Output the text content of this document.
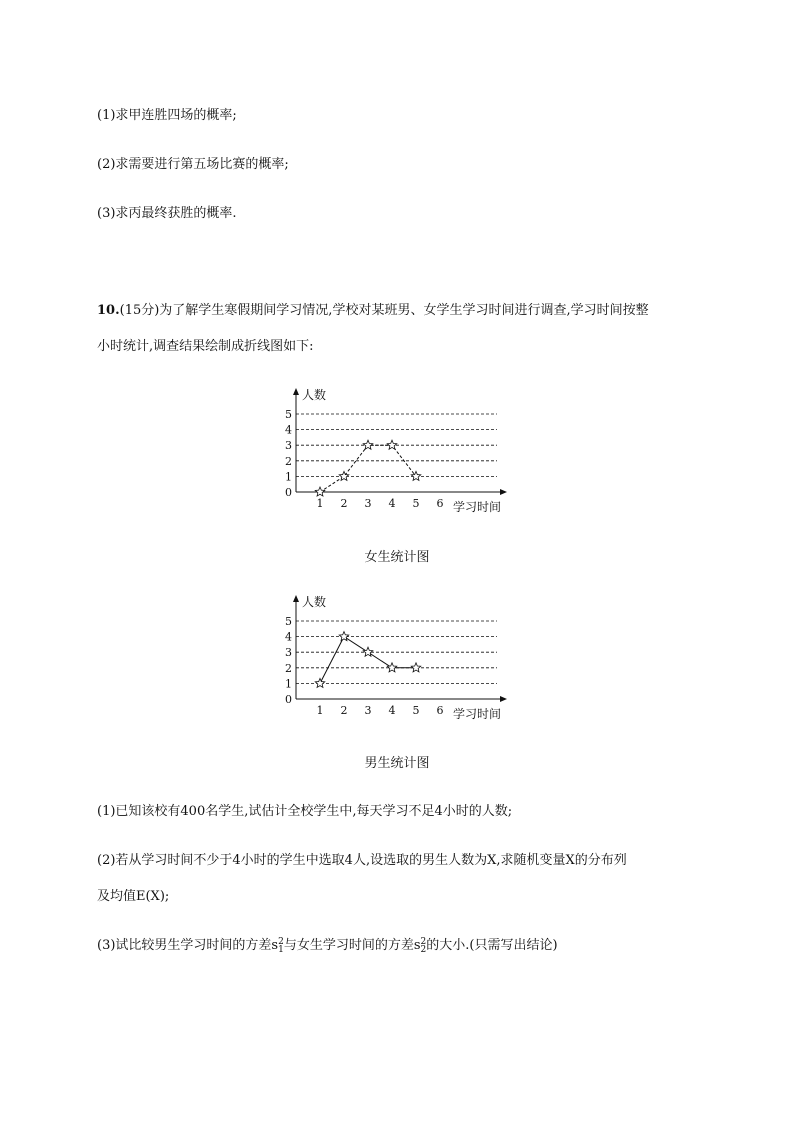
(1)求甲连胜四场的概率;
(2)求需要进行第五场比赛的概率;
(3)求丙最终获胜的概率.
10.(15分)为了解学生寒假期间学习情况,学校对某班男、女学生学习时间进行调查,学习时间按整
小时统计,调查结果绘制成折线图如下:
0
1
2
3
4
5
1 2 3 4 5 6
人数
学习时间
女生统计图
0
1
2
3
4
5
1 2 3 4 5 6
人数
学习时间
男生统计图
(1)已知该校有400名学生,试估计全校学生中,每天学习不足4小时的人数;
(2)若从学习时间不少于4小时的学生中选取4人,设选取的男生人数为X,求随机变量X的分布列
及均值E(X);
(3)试比较男生学习时间的方差s2
1与女生学习时间的方差s2
2的大小.(只需写出结论)
